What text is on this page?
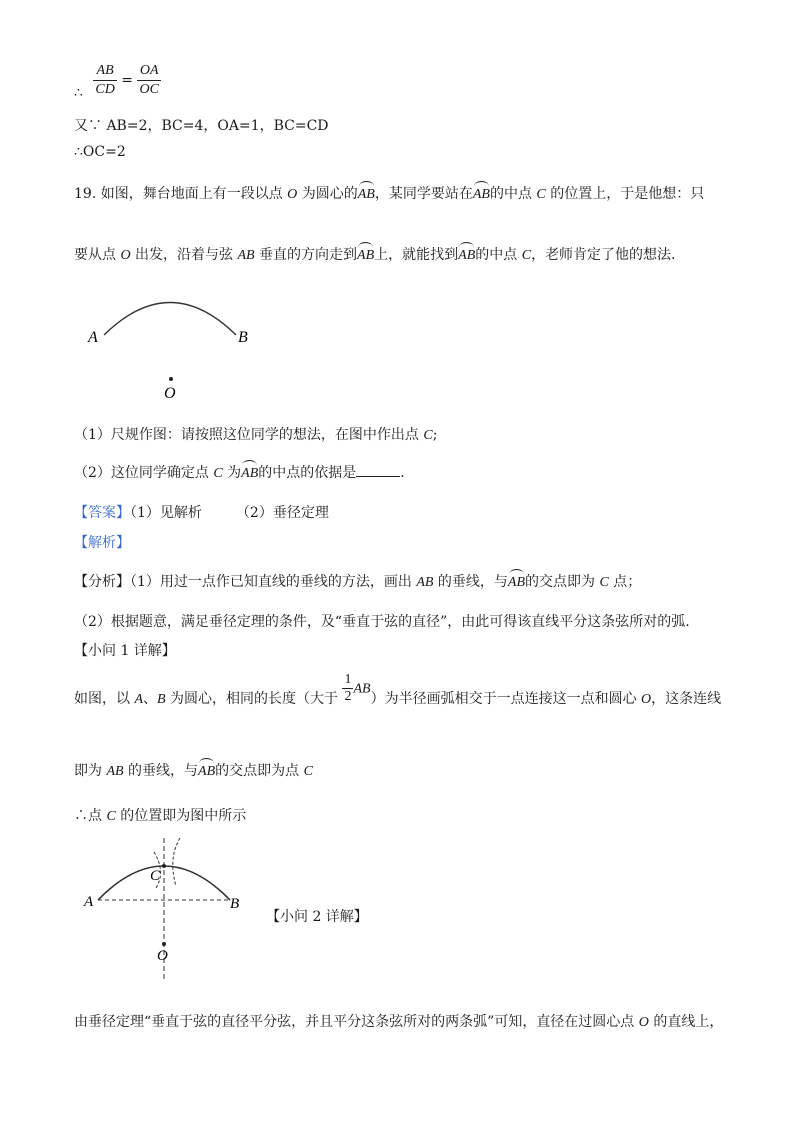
∴ $\frac{AB}{CD} = \frac{OA}{OC}$
又∵ AB=2，BC=4，OA=1，BC=CD
∴OC=2
19. 如图，舞台地面上有一段以点 O 为圆心的AB，某同学要站在AB的中点 C 的位置上，于是他想：只
要从点 O 出发，沿着与弦 AB 垂直的方向走到AB上，就能找到AB的中点 C，老师肯定了他的想法.
A	B
O
（1）尺规作图：请按照这位同学的想法，在图中作出点 C;
（2）这位同学确定点 C 为AB的中点的依据是	.
【答案】（1）见解析 （2）垂径定理
【解析】
【分析】（1）用过一点作已知直线的垂线的方法，画出 AB 的垂线，与AB的交点即为 C 点；
（2）根据题意，满足垂径定理的条件，及“垂直于弦的直径”，由此可得该直线平分这条弦所对的弧.
【小问 1 详解】
如图，以 A、B 为圆心，相同的长度（大于 $\frac{1}{2} AB$）为半径画弧相交于一点连接这一点和圆心 O，这条连线
即为 AB 的垂线，与AB的交点即为点 C
∴点 C 的位置即为图中所示
A	B
C
O
【小问 2 详解】
由垂径定理“垂直于弦的直径平分弦，并且平分这条弦所对的两条弧”可知，直径在过圆心点 O 的直线上，
